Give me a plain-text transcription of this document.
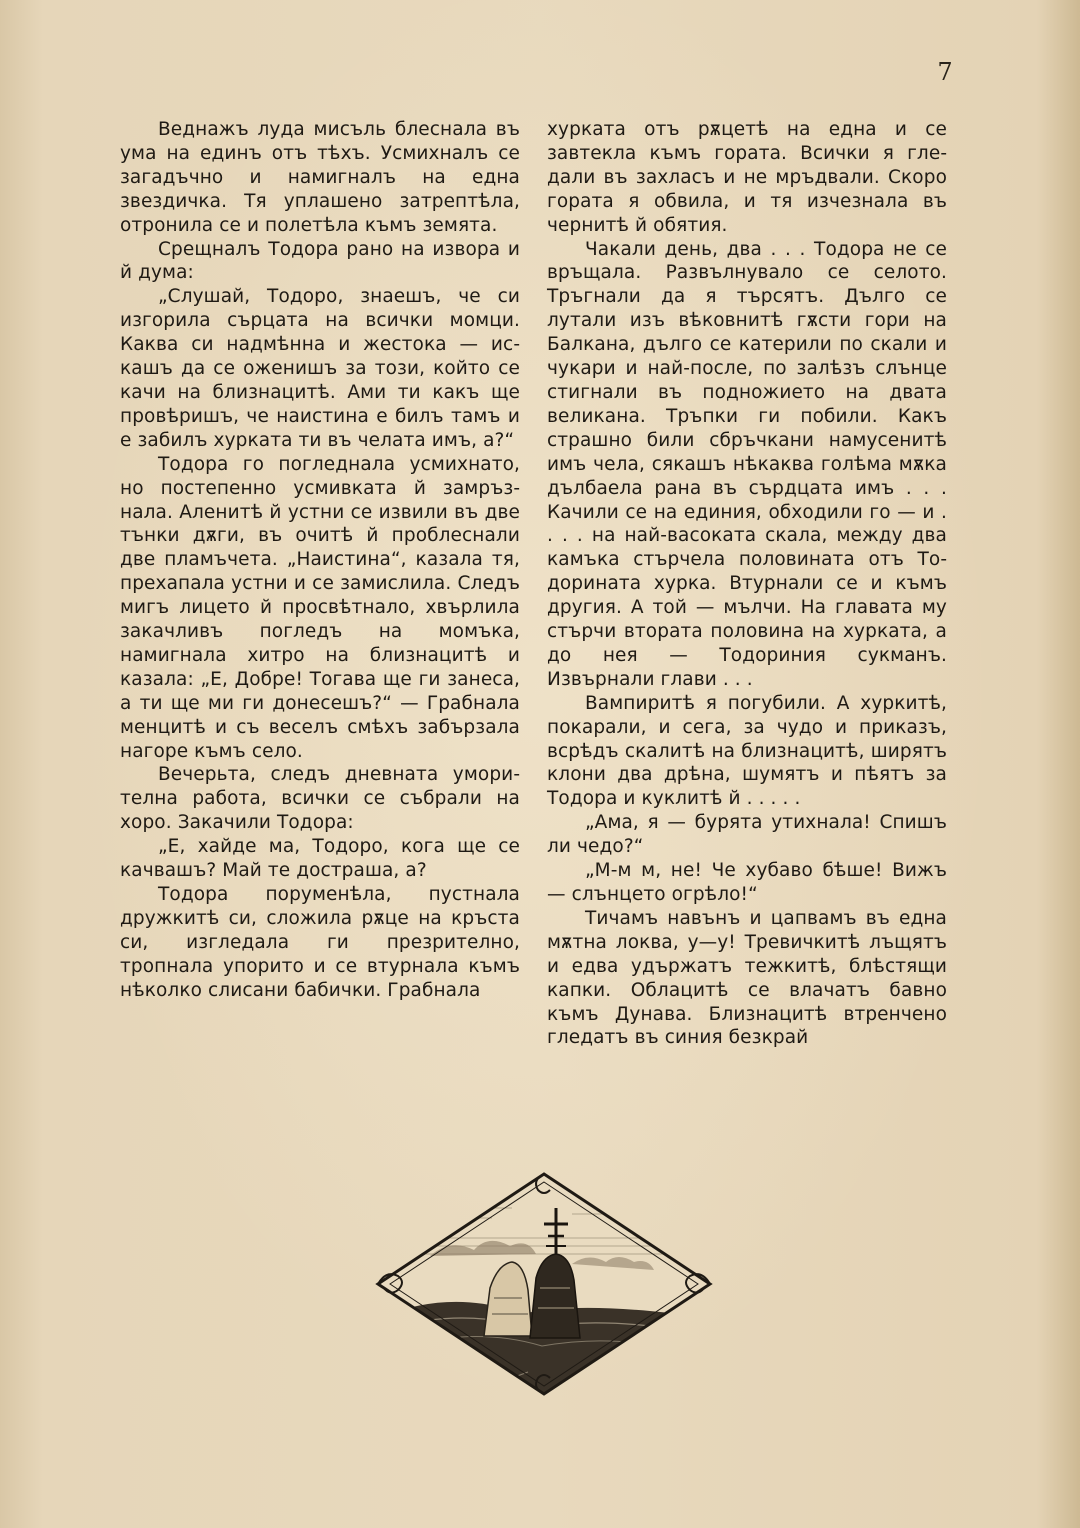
7

Веднажъ луда мисъль блеснала въ ума на единъ отъ тѣхъ. Усмихналъ се загадъчно и намигналъ на една звездичка. Тя уплашено затрептѣла, отронила се и полетѣла къмъ земята.

Срещналъ Тодора рано на извора и й дума:

„Слушай, Тодоро, знаешъ, че си изгорила сърцата на всички момци. Каква си надмѣнна и жестока — искашъ да се оженишъ за този, който се качи на близнацитѣ. Ами ти какъ ще провѣришъ, че наистина е билъ тамъ и е забилъ хурката ти въ челата имъ, а?“

Тодора го погледнала усмихнато, но постепенно усмивката й замръзнала. Аленитѣ й устни се извили въ две тънки дѫги, въ очитѣ й проблеснали две пламъчета. „Наистина“, казала тя, прехапала устни и се замислила. Следъ мигъ лицето й просвѣтнало, хвърлила закачливъ погледъ на момъка, намигнала хитро на близнацитѣ и казала: „Е, Добре! Тогава ще ги занеса, а ти ще ми ги донесешъ?“ — Грабнала менцитѣ и съ веселъ смѣхъ забързала нагоре къмъ село.

Вечерьта, следъ дневната уморителна работа, всички се събрали на хоро. Закачили Тодора:

„Е, хайде ма, Тодоро, кога ще се качвашъ? Май те достраша, а?

Тодора поруменѣла, пустнала дружкитѣ си, сложила рѫце на кръста си, изгледала ги презрително, тропнала упорито и се втурнала къмъ нѣколко слисани бабички. Грабнала

хурката отъ рѫцетѣ на една и се завтекла къмъ гората. Всички я гледали въ захласъ и не мръдвали. Скоро гората я обвила, и тя изчезнала въ чернитѣ й обятия.

Чакали день, два . . . Тодора не се връщала. Развълнувало се селото. Тръгнали да я търсятъ. Дълго се лутали изъ вѣковнитѣ гѫсти гори на Балкана, дълго се катерили по скали и чукари и най-после, по залѣзъ слънце стигнали въ подножието на двата великана. Тръпки ги побили. Какъ страшно били сбръчкани намусенитѣ имъ чела, сякашъ нѣкаква голѣма мѫка дълбаела рана въ сърдцата имъ . . . Качили се на единия, обходили го — и . . . . на най-васоката скала, между два камъка стърчела половината отъ Тодорината хурка. Втурнали се и къмъ другия. А той — мълчи. На главата му стърчи втората половина на хурката, а до нея — Тодориния сукманъ. Извърнали глави . . .

Вампиритѣ я погубили. А хуркитѣ, покарали, и сега, за чудо и приказъ, всрѣдъ скалитѣ на близнацитѣ, ширятъ клони два дрѣна, шумятъ и пѣятъ за Тодора и куклитѣ й . . . . .

„Ама, я — бурята утихнала! Спишъ ли чедо?“

„М-м м, не! Че хубаво бѣше! Вижъ — слънцето огрѣло!“

Тичамъ навънъ и цапвамъ въ една мѫтна локва, у—у! Тревичкитѣ лъщятъ и едва удържатъ тежкитѣ, блѣстящи капки. Облацитѣ се влачатъ бавно къмъ Дунава. Близнацитѣ втренчено гледатъ въ синия безкрай
